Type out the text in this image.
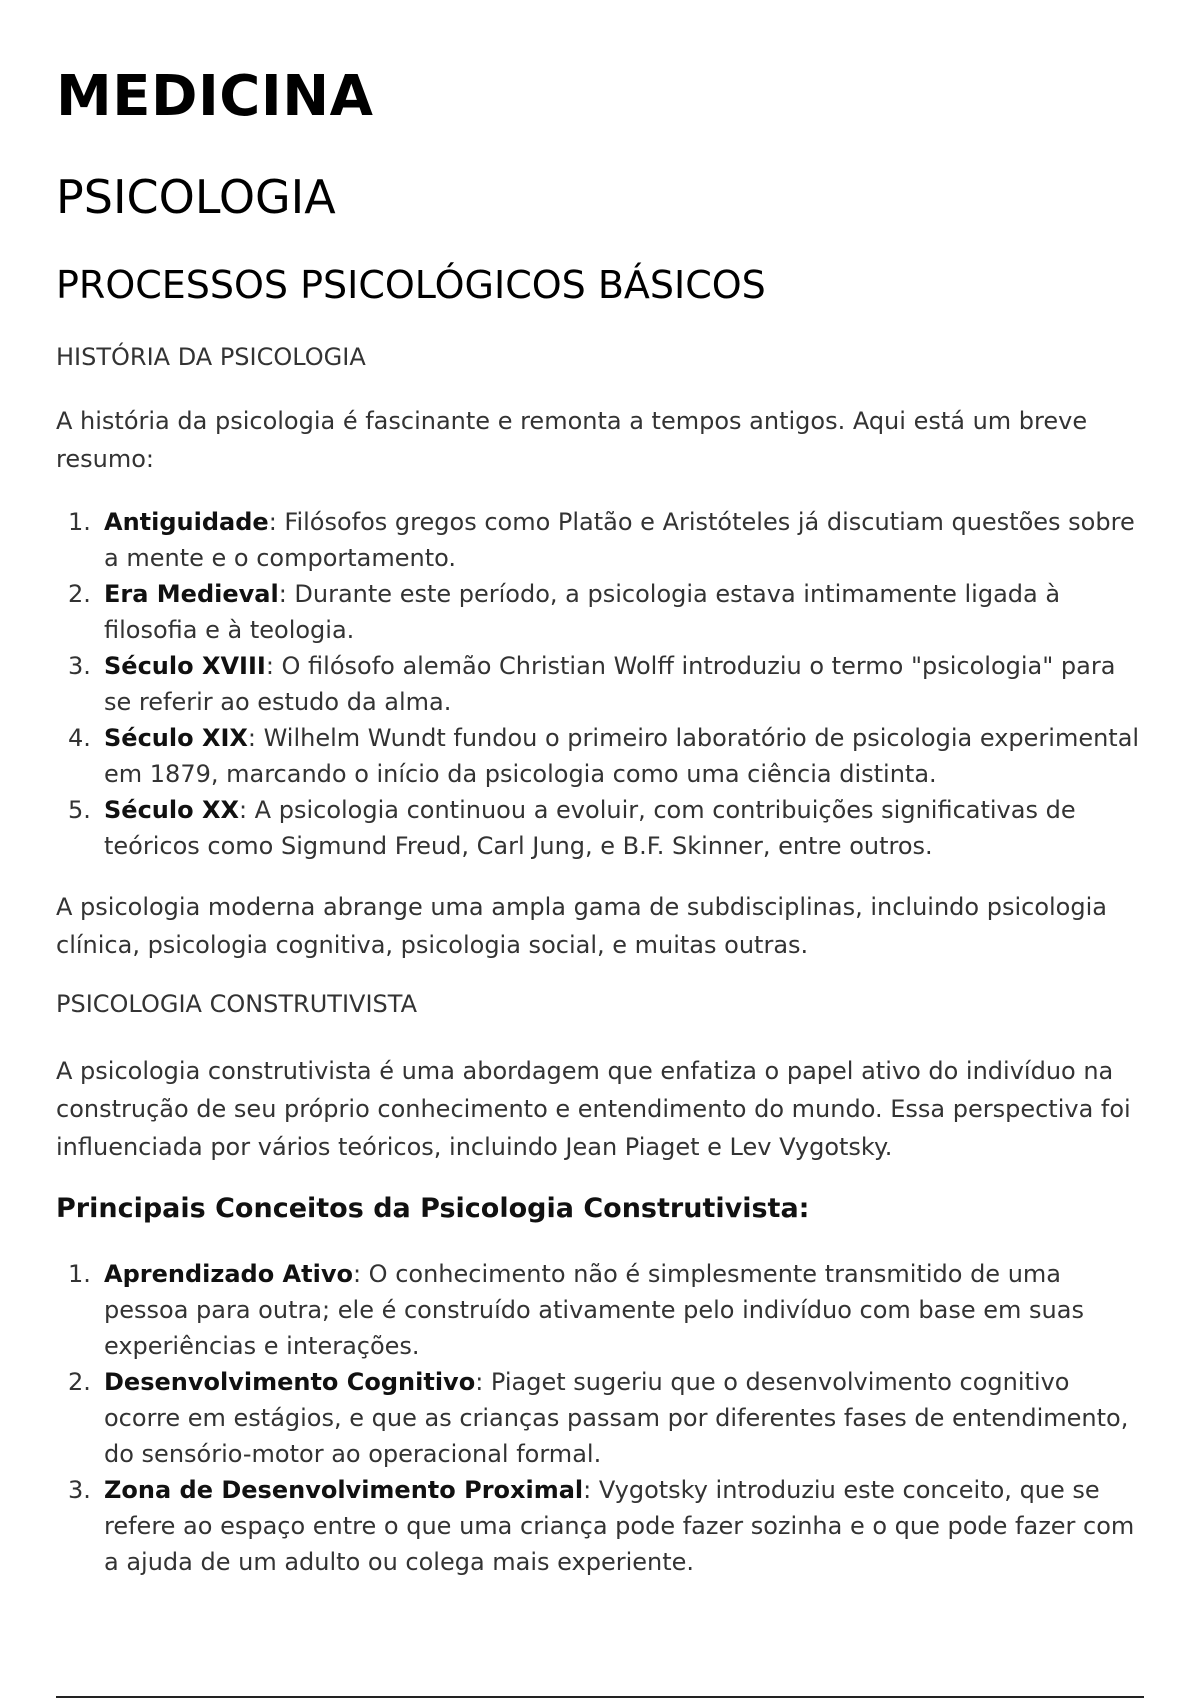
MEDICINA
PSICOLOGIA
PROCESSOS PSICOLÓGICOS BÁSICOS

HISTÓRIA DA PSICOLOGIA

A história da psicologia é fascinante e remonta a tempos antigos. Aqui está um breve resumo:

1. Antiguidade: Filósofos gregos como Platão e Aristóteles já discutiam questões sobre a mente e o comportamento.
2. Era Medieval: Durante este período, a psicologia estava intimamente ligada à filosofia e à teologia.
3. Século XVIII: O filósofo alemão Christian Wolff introduziu o termo "psicologia" para se referir ao estudo da alma.
4. Século XIX: Wilhelm Wundt fundou o primeiro laboratório de psicologia experimental em 1879, marcando o início da psicologia como uma ciência distinta.
5. Século XX: A psicologia continuou a evoluir, com contribuições significativas de teóricos como Sigmund Freud, Carl Jung, e B.F. Skinner, entre outros.

A psicologia moderna abrange uma ampla gama de subdisciplinas, incluindo psicologia clínica, psicologia cognitiva, psicologia social, e muitas outras.

PSICOLOGIA CONSTRUTIVISTA

A psicologia construtivista é uma abordagem que enfatiza o papel ativo do indivíduo na construção de seu próprio conhecimento e entendimento do mundo. Essa perspectiva foi influenciada por vários teóricos, incluindo Jean Piaget e Lev Vygotsky.

Principais Conceitos da Psicologia Construtivista:
1. Aprendizado Ativo: O conhecimento não é simplesmente transmitido de uma pessoa para outra; ele é construído ativamente pelo indivíduo com base em suas experiências e interações.
2. Desenvolvimento Cognitivo: Piaget sugeriu que o desenvolvimento cognitivo ocorre em estágios, e que as crianças passam por diferentes fases de entendimento, do sensório-motor ao operacional formal.
3. Zona de Desenvolvimento Proximal: Vygotsky introduziu este conceito, que se refere ao espaço entre o que uma criança pode fazer sozinha e o que pode fazer com a ajuda de um adulto ou colega mais experiente.
